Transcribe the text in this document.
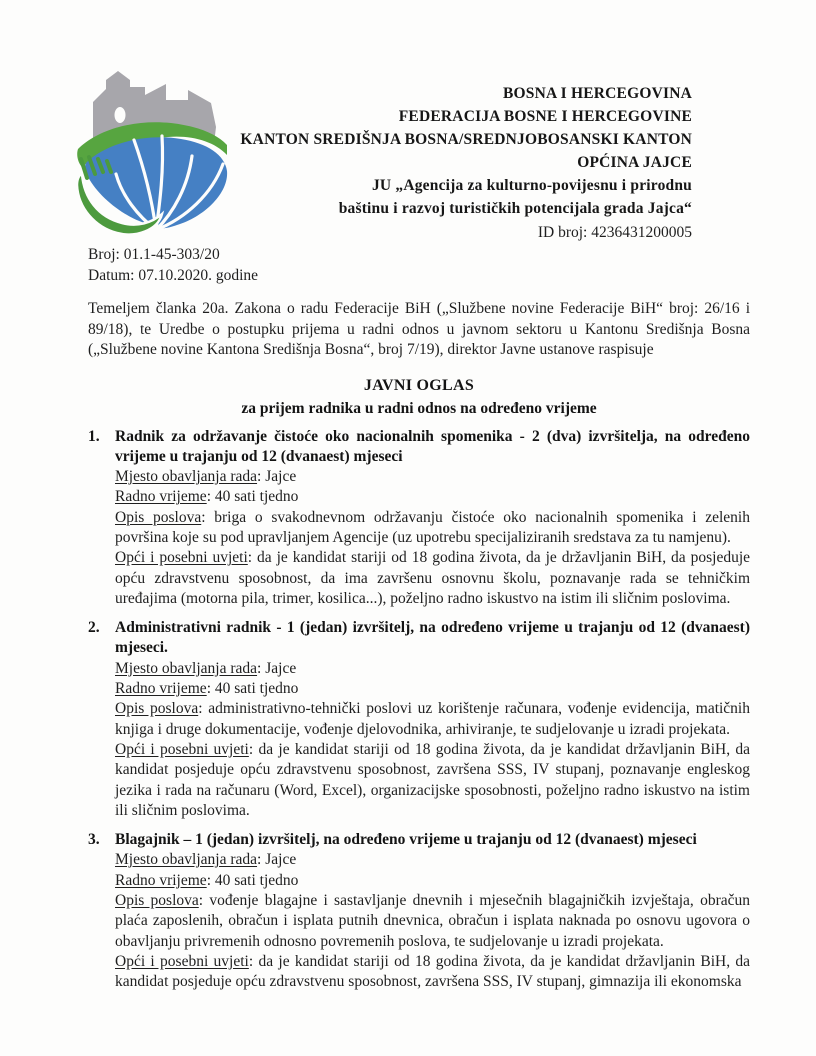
BOSNA I HERCEGOVINA
FEDERACIJA BOSNE I HERCEGOVINE
KANTON SREDIŠNJA BOSNA/SREDNJOBOSANSKI KANTON
OPĆINA JAJCE
JU „Agencija za kulturno-povijesnu i prirodnu
baštinu i razvoj turističkih potencijala grada Jajca“
ID broj: 4236431200005
Broj: 01.1-45-303/20
Datum: 07.10.2020. godine

Temeljem članka 20a. Zakona o radu Federacije BiH („Službene novine Federacije BiH“ broj: 26/16 i 89/18), te Uredbe o postupku prijema u radni odnos u javnom sektoru u Kantonu Središnja Bosna („Službene novine Kantona Središnja Bosna“, broj 7/19), direktor Javne ustanove raspisuje

JAVNI OGLAS
za prijem radnika u radni odnos na određeno vrijeme
1. Radnik za održavanje čistoće oko nacionalnih spomenika - 2 (dva) izvršitelja, na određeno vrijeme u trajanju od 12 (dvanaest) mjeseci

Mjesto obavljanja rada: Jajce

Radno vrijeme: 40 sati tjedno

Opis poslova: briga o svakodnevnom održavanju čistoće oko nacionalnih spomenika i zelenih površina koje su pod upravljanjem Agencije (uz upotrebu specijaliziranih sredstava za tu namjenu).

Opći i posebni uvjeti: da je kandidat stariji od 18 godina života, da je državljanin BiH, da posjeduje opću zdravstvenu sposobnost, da ima završenu osnovnu školu, poznavanje rada se tehničkim uređajima (motorna pila, trimer, kosilica...), poželjno radno iskustvo na istim ili sličnim poslovima.

2. Administrativni radnik - 1 (jedan) izvršitelj, na određeno vrijeme u trajanju od 12 (dvanaest) mjeseci.

Mjesto obavljanja rada: Jajce

Radno vrijeme: 40 sati tjedno

Opis poslova: administrativno-tehnički poslovi uz korištenje računara, vođenje evidencija, matičnih knjiga i druge dokumentacije, vođenje djelovodnika, arhiviranje, te sudjelovanje u izradi projekata.

Opći i posebni uvjeti: da je kandidat stariji od 18 godina života, da je kandidat državljanin BiH, da kandidat posjeduje opću zdravstvenu sposobnost, završena SSS, IV stupanj, poznavanje engleskog jezika i rada na računaru (Word, Excel), organizacijske sposobnosti, poželjno radno iskustvo na istim ili sličnim poslovima.

3. Blagajnik – 1 (jedan) izvršitelj, na određeno vrijeme u trajanju od 12 (dvanaest) mjeseci

Mjesto obavljanja rada: Jajce

Radno vrijeme: 40 sati tjedno

Opis poslova: vođenje blagajne i sastavljanje dnevnih i mjesečnih blagajničkih izvještaja, obračun plaća zaposlenih, obračun i isplata putnih dnevnica, obračun i isplata naknada po osnovu ugovora o obavljanju privremenih odnosno povremenih poslova, te sudjelovanje u izradi projekata.

Opći i posebni uvjeti: da je kandidat stariji od 18 godina života, da je kandidat državljanin BiH, da kandidat posjeduje opću zdravstvenu sposobnost, završena SSS, IV stupanj, gimnazija ili ekonomska
